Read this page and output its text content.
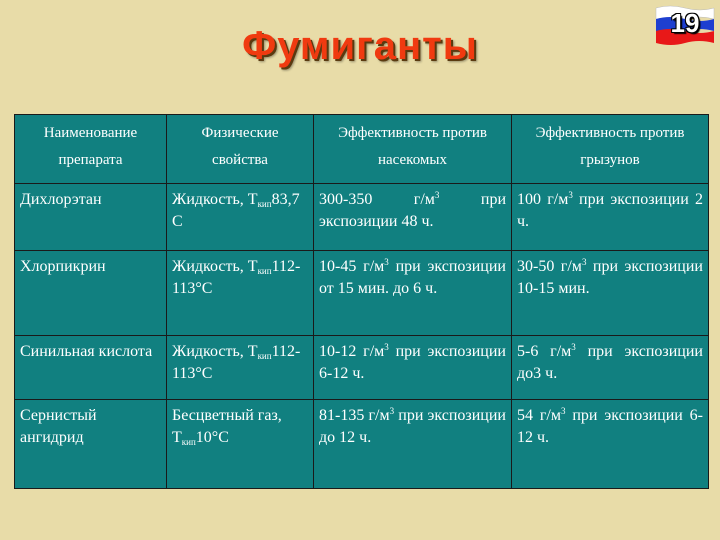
Фумиганты
19
Наименование препарата	Физические свойства	Эффективность против насекомых	Эффективность против грызунов
Дихлорэтан	Жидкость, $Т_{кип}83,7$ С	300-350 $г/м^3$ при экспозиции 48 ч.	100 $г/м^3$ при экспозиции 2 ч.
Хлорпикрин	Жидкость, $Т_{кип}112-113^\circ С$	10-45 $г/м^3$ при экспозиции от 15 мин. до 6 ч.	30-50 $г/м^3$ при экспозиции 10-15 мин.
Синильная кислота	Жидкость, $Т_{кип}112-113^\circ С$	10-12 $г/м^3$ при экспозиции 6-12 ч.	5-6 $г/м^3$ при экспозиции до3 ч.
Сернистый ангидрид	Бесцветный газ, $Т_{кип}10^\circ С$	81-135 $г/м^3$ при экспозиции до 12 ч.	54 $г/м^3$ при экспозиции 6-12 ч.
